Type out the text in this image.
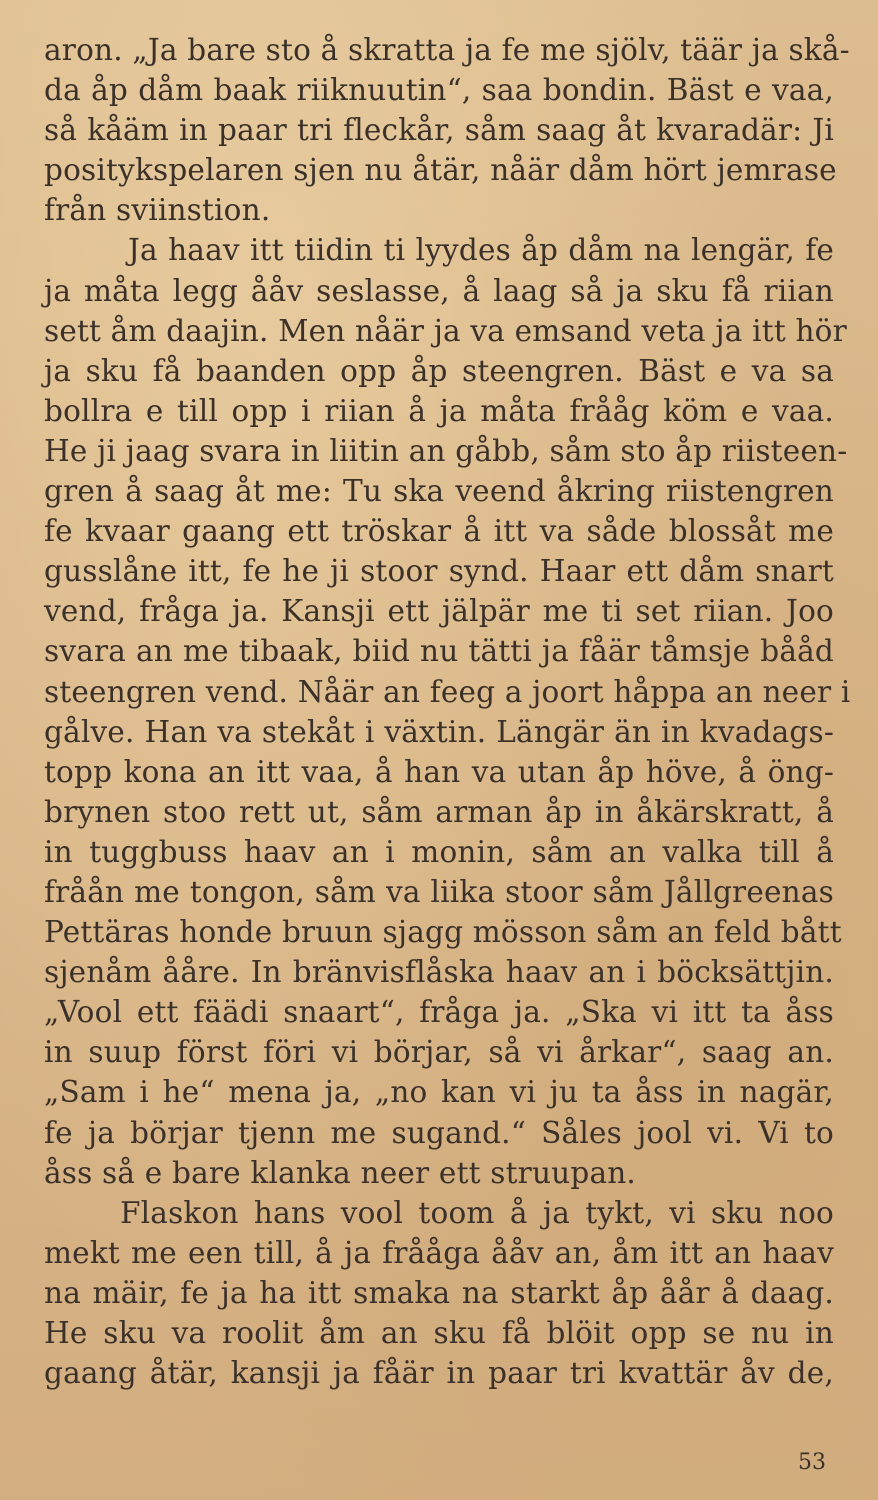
aron. „Ja bare sto å skratta ja fe me sjölv, täär ja skå-
da åp dåm baak riiknuutin“, saa bondin. Bäst e vaa,
så kåäm in paar tri fleckår, såm saag åt kvaradär: Ji
positykspelaren sjen nu åtär, nåär dåm hört jemrase
från sviinstion.
Ja haav itt tiidin ti lyydes åp dåm na lengär, fe
ja måta legg ååv seslasse, å laag så ja sku få riian
sett åm daajin. Men nåär ja va emsand veta ja itt hör
ja sku få baanden opp åp steengren. Bäst e va sa
bollra e till opp i riian å ja måta frååg köm e vaa.
He ji jaag svara in liitin an gåbb, såm sto åp riisteen-
gren å saag åt me: Tu ska veend åkring riistengren
fe kvaar gaang ett tröskar å itt va såde blossåt me
gusslåne itt, fe he ji stoor synd. Haar ett dåm snart
vend, fråga ja. Kansji ett jälpär me ti set riian. Joo
svara an me tibaak, biid nu tätti ja fåär tåmsje bååd
steengren vend. Nåär an feeg a joort håppa an neer i
gålve. Han va stekåt i växtin. Längär än in kvadags-
topp kona an itt vaa, å han va utan åp höve, å öng-
brynen stoo rett ut, såm arman åp in åkärskratt, å
in tuggbuss haav an i monin, såm an valka till å
fråån me tongon, såm va liika stoor såm Jållgreenas
Pettäras honde bruun sjagg mösson såm an feld bått
sjenåm ååre. In bränvisflåska haav an i böcksättjin.
„Vool ett fäädi snaart“, fråga ja. „Ska vi itt ta åss
in suup först föri vi börjar, så vi årkar“, saag an.
„Sam i he“ mena ja, „no kan vi ju ta åss in nagär,
fe ja börjar tjenn me sugand.“ Såles jool vi. Vi to
åss så e bare klanka neer ett struupan.
Flaskon hans vool toom å ja tykt, vi sku noo
mekt me een till, å ja frååga ååv an, åm itt an haav
na mäir, fe ja ha itt smaka na starkt åp åår å daag.
He sku va roolit åm an sku få blöit opp se nu in
gaang åtär, kansji ja fåär in paar tri kvattär åv de,
53
